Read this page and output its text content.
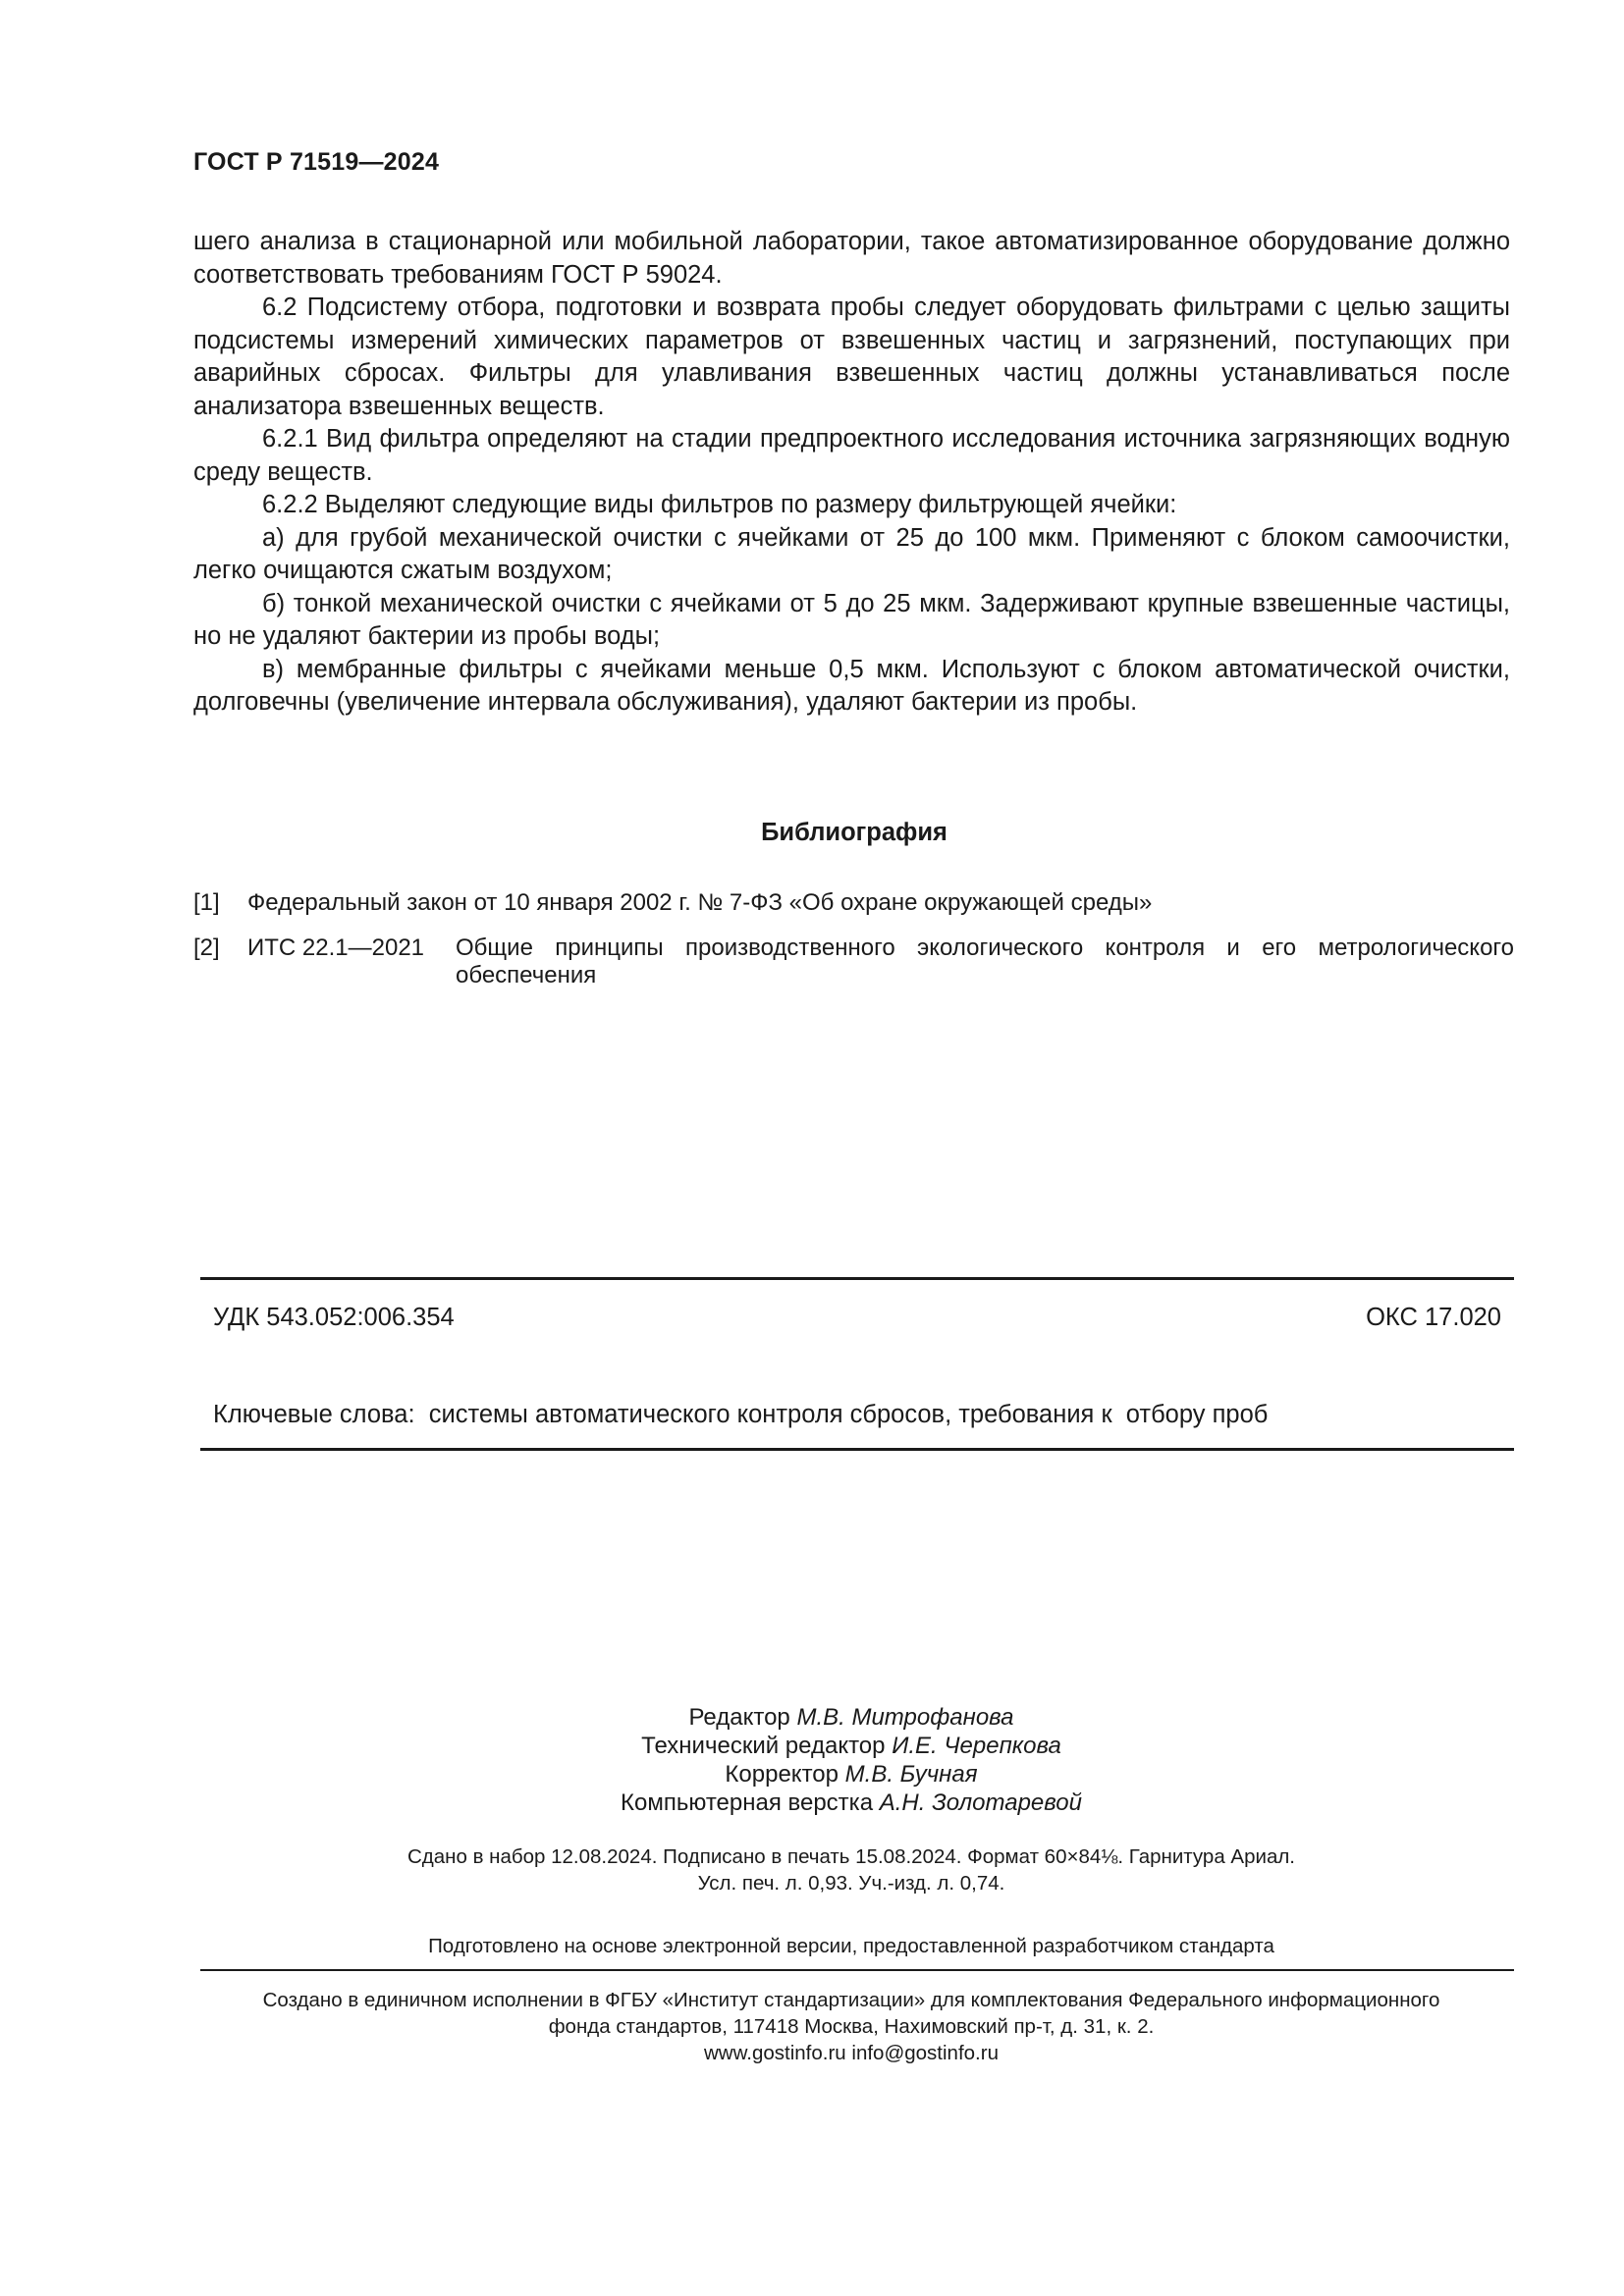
ГОСТ Р 71519—2024

шего анализа в стационарной или мобильной лаборатории, такое автоматизированное оборудование должно соответствовать требованиям ГОСТ Р 59024.

6.2 Подсистему отбора, подготовки и возврата пробы следует оборудовать фильтрами с целью защиты подсистемы измерений химических параметров от взвешенных частиц и загрязнений, поступающих при аварийных сбросах. Фильтры для улавливания взвешенных частиц должны устанавливаться после анализатора взвешенных веществ.

6.2.1 Вид фильтра определяют на стадии предпроектного исследования источника загрязняющих водную среду веществ.

6.2.2 Выделяют следующие виды фильтров по размеру фильтрующей ячейки:

а) для грубой механической очистки с ячейками от 25 до 100 мкм. Применяют с блоком самоочистки, легко очищаются сжатым воздухом;

б) тонкой механической очистки с ячейками от 5 до 25 мкм. Задерживают крупные взвешенные частицы, но не удаляют бактерии из пробы воды;

в) мембранные фильтры с ячейками меньше 0,5 мкм. Используют с блоком автоматической очистки, долговечны (увеличение интервала обслуживания), удаляют бактерии из пробы.

Библиография
[1]	Федеральный закон от 10 января 2002 г. № 7-ФЗ «Об охране окружающей среды»
[2]	ИТС 22.1—2021	Общие принципы производственного экологического контроля и его метрологического обеспечения
УДК 543.052:006.354	ОКС 17.020
Ключевые слова:  системы автоматического контроля сбросов, требования к  отбору проб
Редактор М.В. Митрофанова
Технический редактор И.Е. Черепкова
Корректор М.В. Бучная
Компьютерная верстка А.Н. Золотаревой
Сдано в набор 12.08.2024. Подписано в печать 15.08.2024. Формат 60×84⅛. Гарнитура Ариал.
Усл. печ. л. 0,93. Уч.-изд. л. 0,74.
Подготовлено на основе электронной версии, предоставленной разработчиком стандарта
Создано в единичном исполнении в ФГБУ «Институт стандартизации» для комплектования Федерального информационного
фонда стандартов, 117418 Москва, Нахимовский пр-т, д. 31, к. 2.
www.gostinfo.ru info@gostinfo.ru
